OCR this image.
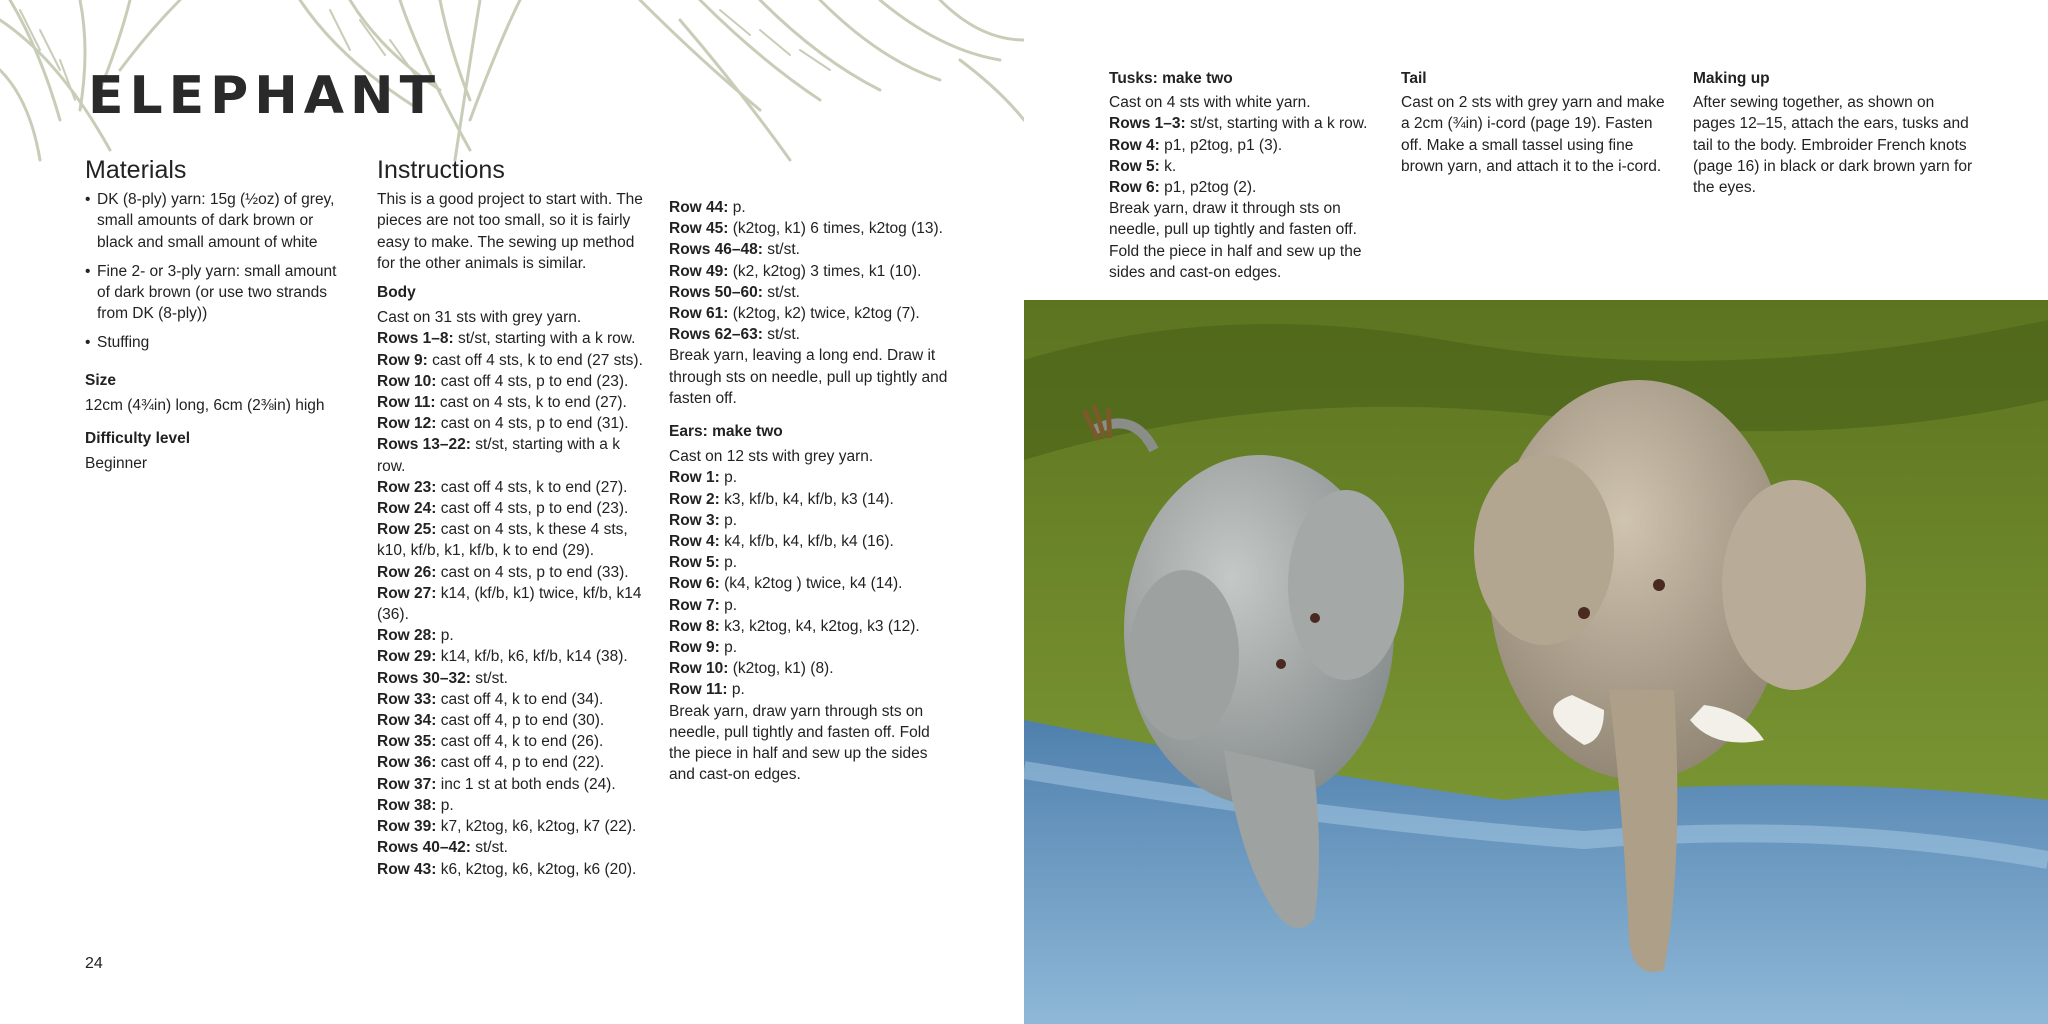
ELEPHANT
Materials
• DK (8-ply) yarn: 15g (½oz) of grey, small amounts of dark brown or black and small amount of white
• Fine 2- or 3-ply yarn: small amount of dark brown (or use two strands from DK (8-ply))
• Stuffing

Size

12cm (4¾in) long, 6cm (2⅜in) high

Difficulty level

Beginner

Instructions

This is a good project to start with. The pieces are not too small, so it is fairly easy to make. The sewing up method for the other animals is similar.

Body

Cast on 31 sts with grey yarn.

Rows 1–8: st/st, starting with a k row.

Row 9: cast off 4 sts, k to end (27 sts).

Row 10: cast off 4 sts, p to end (23).

Row 11: cast on 4 sts, k to end (27).

Row 12: cast on 4 sts, p to end (31).

Rows 13–22: st/st, starting with a k row.

Row 23: cast off 4 sts, k to end (27).

Row 24: cast off 4 sts, p to end (23).

Row 25: cast on 4 sts, k these 4 sts, k10, kf/b, k1, kf/b, k to end (29).

Row 26: cast on 4 sts, p to end (33).

Row 27: k14, (kf/b, k1) twice, kf/b, k14 (36).

Row 28: p.

Row 29: k14, kf/b, k6, kf/b, k14 (38).

Rows 30–32: st/st.

Row 33: cast off 4, k to end (34).

Row 34: cast off 4, p to end (30).

Row 35: cast off 4, k to end (26).

Row 36: cast off 4, p to end (22).

Row 37: inc 1 st at both ends (24).

Row 38: p.

Row 39: k7, k2tog, k6, k2tog, k7 (22).

Rows 40–42: st/st.

Row 43: k6, k2tog, k6, k2tog, k6 (20).

Row 44: p.

Row 45: (k2tog, k1) 6 times, k2tog (13).

Rows 46–48: st/st.

Row 49: (k2, k2tog) 3 times, k1 (10).

Rows 50–60: st/st.

Row 61: (k2tog, k2) twice, k2tog (7).

Rows 62–63: st/st.

Break yarn, leaving a long end. Draw it through sts on needle, pull up tightly and fasten off.

Ears: make two

Cast on 12 sts with grey yarn.

Row 1: p.

Row 2: k3, kf/b, k4, kf/b, k3 (14).

Row 3: p.

Row 4: k4, kf/b, k4, kf/b, k4 (16).

Row 5: p.

Row 6: (k4, k2tog ) twice, k4 (14).

Row 7: p.

Row 8: k3, k2tog, k4, k2tog, k3 (12).

Row 9: p.

Row 10: (k2tog, k1) (8).

Row 11: p.

Break yarn, draw yarn through sts on needle, pull tightly and fasten off. Fold the piece in half and sew up the sides and cast-on edges.

Tusks: make two

Cast on 4 sts with white yarn.

Rows 1–3: st/st, starting with a k row.

Row 4: p1, p2tog, p1 (3).

Row 5: k.

Row 6: p1, p2tog (2).

Break yarn, draw it through sts on needle, pull up tightly and fasten off. Fold the piece in half and sew up the sides and cast-on edges.

Tail

Cast on 2 sts with grey yarn and make a 2cm (¾in) i-cord (page 19). Fasten off. Make a small tassel using fine brown yarn, and attach it to the i-cord.

Making up

After sewing together, as shown on pages 12–15, attach the ears, tusks and tail to the body. Embroider French knots (page 16) in black or dark brown yarn for the eyes.

24
